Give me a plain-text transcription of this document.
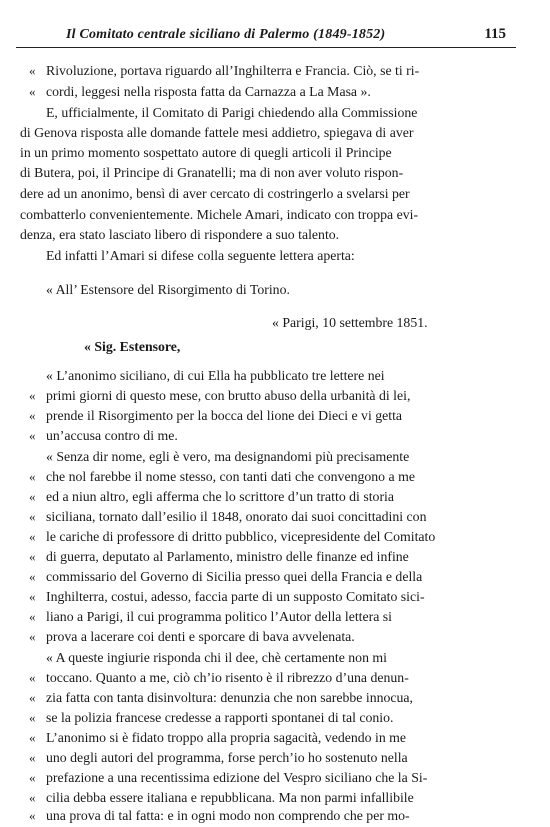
Il Comitato centrale siciliano di Palermo (1849-1852)	115
« Rivoluzione, portava riguardo all’Inghilterra e Francia. Ciò, se ti ri-
« cordi, leggesi nella risposta fatta da Carnazza a La Masa ».
E, ufficialmente, il Comitato di Parigi chiedendo alla Commissione
di Genova risposta alle domande fattele mesi addietro, spiegava di aver
in un primo momento sospettato autore di quegli articoli il Principe
di Butera, poi, il Principe di Granatelli; ma di non aver voluto rispon-
dere ad un anonimo, bensì di aver cercato di costringerlo a svelarsi per
combatterlo convenientemente. Michele Amari, indicato con troppa evi-
denza, era stato lasciato libero di rispondere a suo talento.
Ed infatti l’Amari si difese colla seguente lettera aperta:
« All’ Estensore del Risorgimento di Torino.
« Parigi, 10 settembre 1851.
« Sig. Estensore,
« L’anonimo siciliano, di cui Ella ha pubblicato tre lettere nei
« primi giorni di questo mese, con brutto abuso della urbanità di lei,
« prende il Risorgimento per la bocca del lione dei Dieci e vi getta
« un’accusa contro di me.
« Senza dir nome, egli è vero, ma designandomi più precisamente
« che nol farebbe il nome stesso, con tanti dati che convengono a me
« ed a niun altro, egli afferma che lo scrittore d’un tratto di storia
« siciliana, tornato dall’esilio il 1848, onorato dai suoi concittadini con
« le cariche di professore di dritto pubblico, vicepresidente del Comitato
« di guerra, deputato al Parlamento, ministro delle finanze ed infine
« commissario del Governo di Sicilia presso quei della Francia e della
« Inghilterra, costui, adesso, faccia parte di un supposto Comitato sici-
« liano a Parigi, il cui programma politico l’Autor della lettera si
« prova a lacerare coi denti e sporcare di bava avvelenata.
« A queste ingiurie risponda chi il dee, chè certamente non mi
« toccano. Quanto a me, ciò ch’io risento è il ribrezzo d’una denun-
« zia fatta con tanta disinvoltura: denunzia che non sarebbe innocua,
« se la polizia francese credesse a rapporti spontanei di tal conio.
« L’anonimo si è fidato troppo alla propria sagacità, vedendo in me
« uno degli autori del programma, forse perch’io ho sostenuto nella
« prefazione a una recentissima edizione del Vespro siciliano che la Si-
« cilia debba essere italiana e repubblicana. Ma non parmi infallibile
« una prova di tal fatta: e in ogni modo non comprendo che per mo-
